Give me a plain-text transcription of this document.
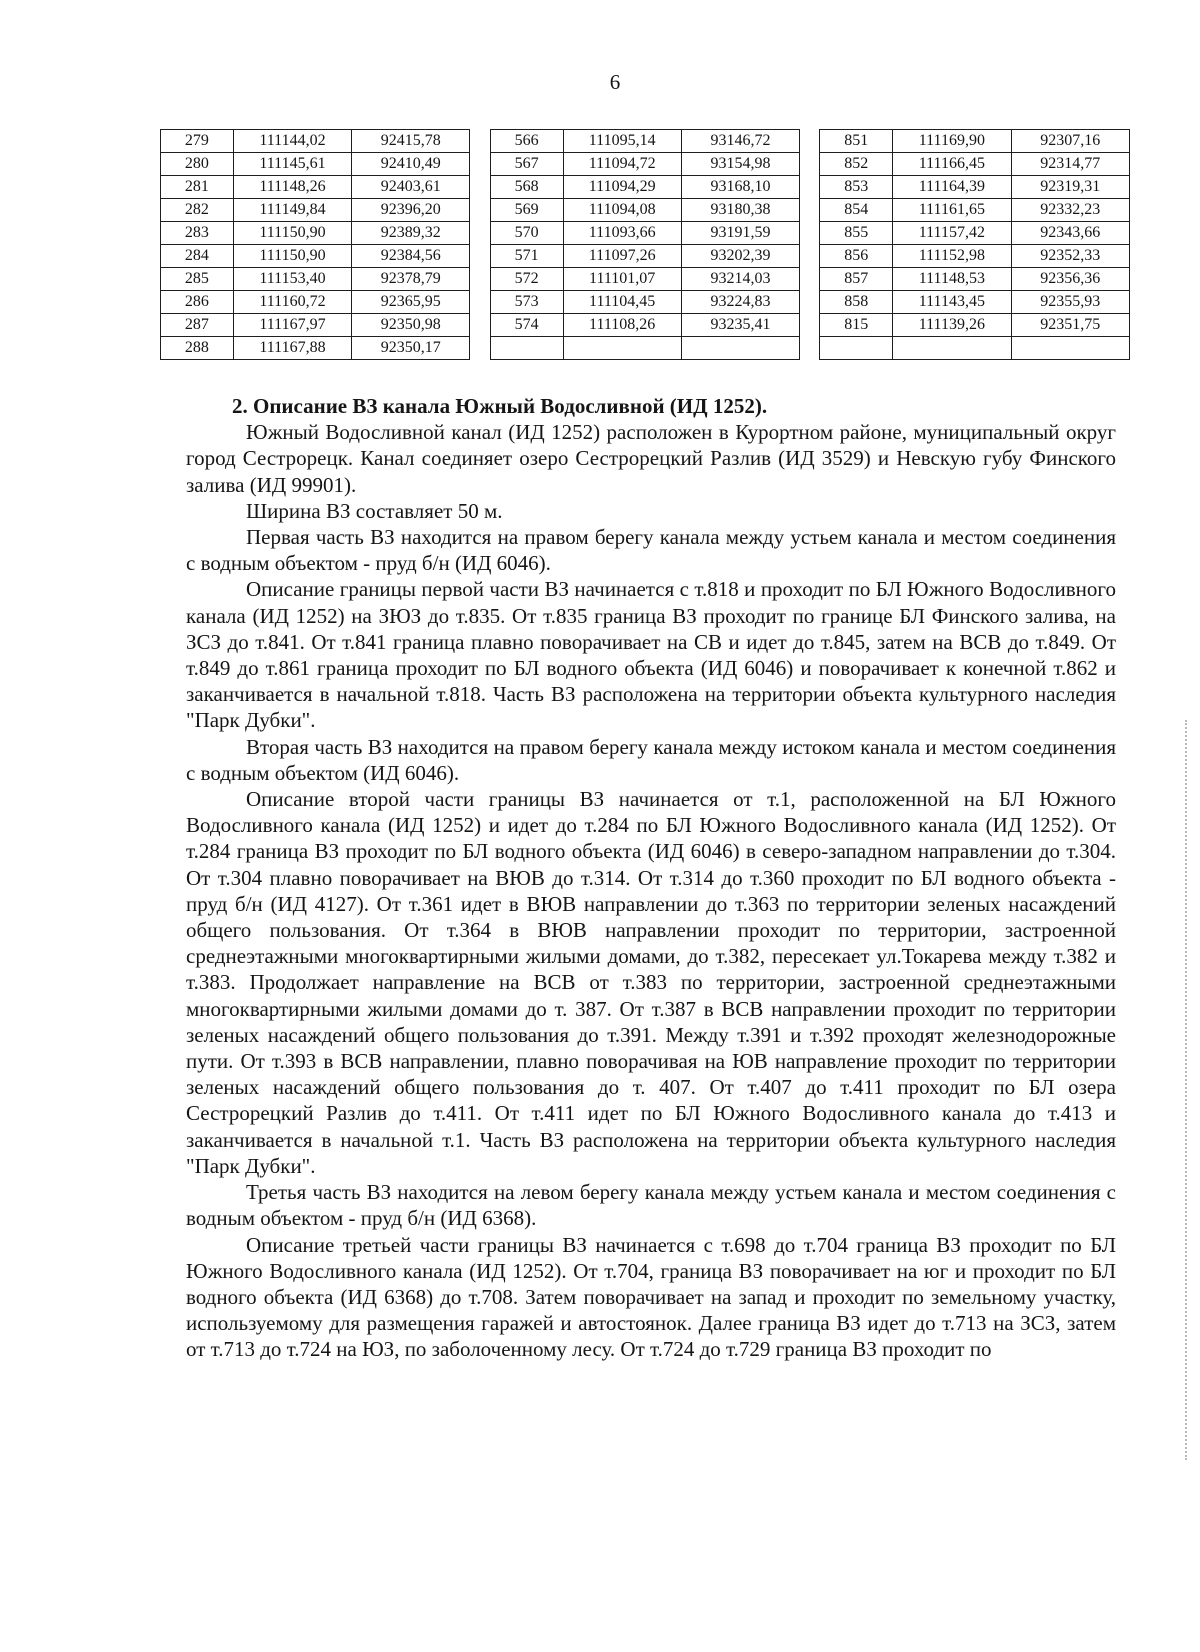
6
279	111144,02	92415,78		566	111095,14	93146,72		851	111169,90	92307,16
280	111145,61	92410,49		567	111094,72	93154,98		852	111166,45	92314,77
281	111148,26	92403,61		568	111094,29	93168,10		853	111164,39	92319,31
282	111149,84	92396,20		569	111094,08	93180,38		854	111161,65	92332,23
283	111150,90	92389,32		570	111093,66	93191,59		855	111157,42	92343,66
284	111150,90	92384,56		571	111097,26	93202,39		856	111152,98	92352,33
285	111153,40	92378,79		572	111101,07	93214,03		857	111148,53	92356,36
286	111160,72	92365,95		573	111104,45	93224,83		858	111143,45	92355,93
287	111167,97	92350,98		574	111108,26	93235,41		815	111139,26	92351,75
288	111167,88	92350,17								

2. Описание ВЗ канала Южный Водосливной (ИД 1252).

Южный Водосливной канал (ИД 1252) расположен в Курортном районе, муниципальный округ город Сестрорецк. Канал соединяет озеро Сестрорецкий Разлив (ИД 3529) и Невскую губу Финского залива (ИД 99901).

Ширина ВЗ составляет 50 м.

Первая часть ВЗ находится на правом берегу канала между устьем канала и местом соединения с водным объектом - пруд б/н (ИД 6046).

Описание границы первой части ВЗ начинается с т.818 и проходит по БЛ Южного Водосливного канала (ИД 1252) на ЗЮЗ до т.835. От т.835 граница ВЗ проходит по границе БЛ Финского залива, на ЗСЗ до т.841. От т.841 граница плавно поворачивает на СВ и идет до т.845, затем на ВСВ до т.849. От т.849 до т.861 граница проходит по БЛ водного объекта (ИД 6046) и поворачивает к конечной т.862 и заканчивается в начальной т.818. Часть ВЗ расположена на территории объекта культурного наследия "Парк Дубки".

Вторая часть ВЗ находится на правом берегу канала между истоком канала и местом соединения с водным объектом (ИД 6046).

Описание второй части границы ВЗ начинается от т.1, расположенной на БЛ Южного Водосливного канала (ИД 1252) и идет до т.284 по БЛ Южного Водосливного канала (ИД 1252). От т.284 граница ВЗ проходит по БЛ водного объекта (ИД 6046) в северо-западном направлении до т.304. От т.304 плавно поворачивает на ВЮВ до т.314. От т.314 до т.360 проходит по БЛ водного объекта - пруд б/н (ИД 4127). От т.361 идет в ВЮВ направлении до т.363 по территории зеленых насаждений общего пользования. От т.364 в ВЮВ направлении проходит по территории, застроенной среднеэтажными многоквартирными жилыми домами, до т.382, пересекает ул.Токарева между т.382 и т.383. Продолжает направление на ВСВ от т.383 по территории, застроенной среднеэтажными многоквартирными жилыми домами до т. 387. От т.387 в ВСВ направлении проходит по территории зеленых насаждений общего пользования до т.391. Между т.391 и т.392 проходят железнодорожные пути. От т.393 в ВСВ направлении, плавно поворачивая на ЮВ направление проходит по территории зеленых насаждений общего пользования до т. 407. От т.407 до т.411 проходит по БЛ озера Сестрорецкий Разлив до т.411. От т.411 идет по БЛ Южного Водосливного канала до т.413 и заканчивается в начальной т.1. Часть ВЗ расположена на территории объекта культурного наследия "Парк Дубки".

Третья часть ВЗ находится на левом берегу канала между устьем канала и местом соединения с водным объектом - пруд б/н (ИД 6368).

Описание третьей части границы ВЗ начинается с т.698 до т.704 граница ВЗ проходит по БЛ Южного Водосливного канала (ИД 1252). От т.704, граница ВЗ поворачивает на юг и проходит по БЛ водного объекта (ИД 6368) до т.708. Затем поворачивает на запад и проходит по земельному участку, используемому для размещения гаражей и автостоянок. Далее граница ВЗ идет до т.713 на ЗСЗ, затем от т.713 до т.724 на ЮЗ, по заболоченному лесу. От т.724 до т.729 граница ВЗ проходит по
